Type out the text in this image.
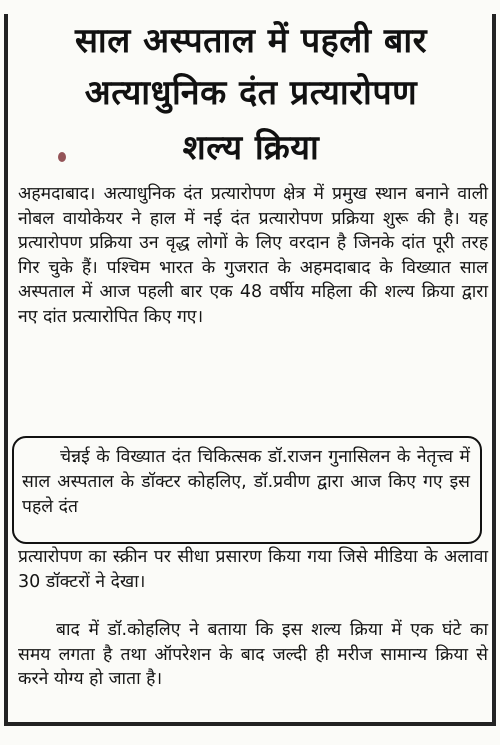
साल अस्पताल में पहली बार
अत्याधुनिक दंत प्रत्यारोपण
शल्य क्रिया

अहमदाबाद। अत्याधुनिक दंत प्रत्यारोपण क्षेत्र में प्रमुख स्थान बनाने वाली नोबल वायोकेयर ने हाल में नई दंत प्रत्यारोपण प्रक्रिया शुरू की है। यह प्रत्यारोपण प्रक्रिया उन वृद्ध लोगों के लिए वरदान है जिनके दांत पूरी तरह गिर चुके हैं। पश्चिम भारत के गुजरात के अहमदाबाद के विख्यात साल अस्पताल में आज पहली बार एक 48 वर्षीय महिला की शल्य क्रिया द्वारा नए दांत प्रत्यारोपित किए गए।

चेन्नई के विख्यात दंत चिकित्सक डॉ.राजन गुनासिलन के नेतृत्त्व में साल अस्पताल के डॉक्टर कोहलिए, डॉ.प्रवीण द्वारा आज किए गए इस पहले दंत

प्रत्यारोपण का स्क्रीन पर सीधा प्रसारण किया गया जिसे मीडिया के अलावा 30 डॉक्टरों ने देखा।

बाद में डॉ.कोहलिए ने बताया कि इस शल्य क्रिया में एक घंटे का समय लगता है तथा ऑपरेशन के बाद जल्दी ही मरीज सामान्य क्रिया से करने योग्य हो जाता है।
